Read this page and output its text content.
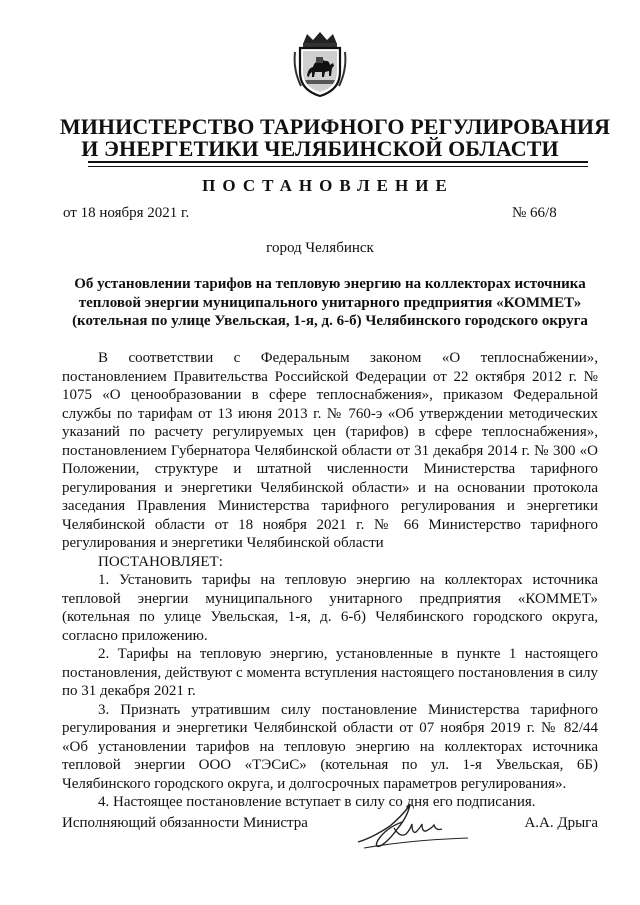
МИНИСТЕРСТВО ТАРИФНОГО РЕГУЛИРОВАНИЯ
И ЭНЕРГЕТИКИ ЧЕЛЯБИНСКОЙ ОБЛАСТИ
ПОСТАНОВЛЕНИЕ
от 18 ноября 2021 г.	№ 66/8
город Челябинск
Об установлении тарифов на тепловую энергию на коллекторах источника
тепловой энергии муниципального унитарного предприятия «КОММЕТ»
(котельная по улице Увельская, 1-я, д. 6-б) Челябинского городского округа

В соответствии с Федеральным законом «О теплоснабжении», постановлением Правительства Российской Федерации от 22 октября 2012 г. № 1075 «О ценообразовании в сфере теплоснабжения», приказом Федеральной службы по тарифам от 13 июня 2013 г. № 760-э «Об утверждении методических указаний по расчету регулируемых цен (тарифов) в сфере теплоснабжения», постановлением Губернатора Челябинской области от 31 декабря 2014 г. № 300 «О Положении, структуре и штатной численности Министерства тарифного регулирования и энергетики Челябинской области» и на основании протокола заседания Правления Министерства тарифного регулирования и энергетики Челябинской области от 18 ноября 2021 г. № 66 Министерство тарифного регулирования и энергетики Челябинской области

ПОСТАНОВЛЯЕТ:

1. Установить тарифы на тепловую энергию на коллекторах источника тепловой энергии муниципального унитарного предприятия «КОММЕТ» (котельная по улице Увельская, 1-я, д. 6-б) Челябинского городского округа, согласно приложению.

2. Тарифы на тепловую энергию, установленные в пункте 1 настоящего постановления, действуют с момента вступления настоящего постановления в силу по 31 декабря 2021 г.

3. Признать утратившим силу постановление Министерства тарифного регулирования и энергетики Челябинской области от 07 ноября 2019 г. № 82/44 «Об установлении тарифов на тепловую энергию на коллекторах источника тепловой энергии ООО «ТЭСиС» (котельная по ул. 1-я Увельская, 6Б) Челябинского городского округа, и долгосрочных параметров регулирования».

4. Настоящее постановление вступает в силу со дня его подписания.

Исполняющий обязанности Министра	А.А. Дрыга
